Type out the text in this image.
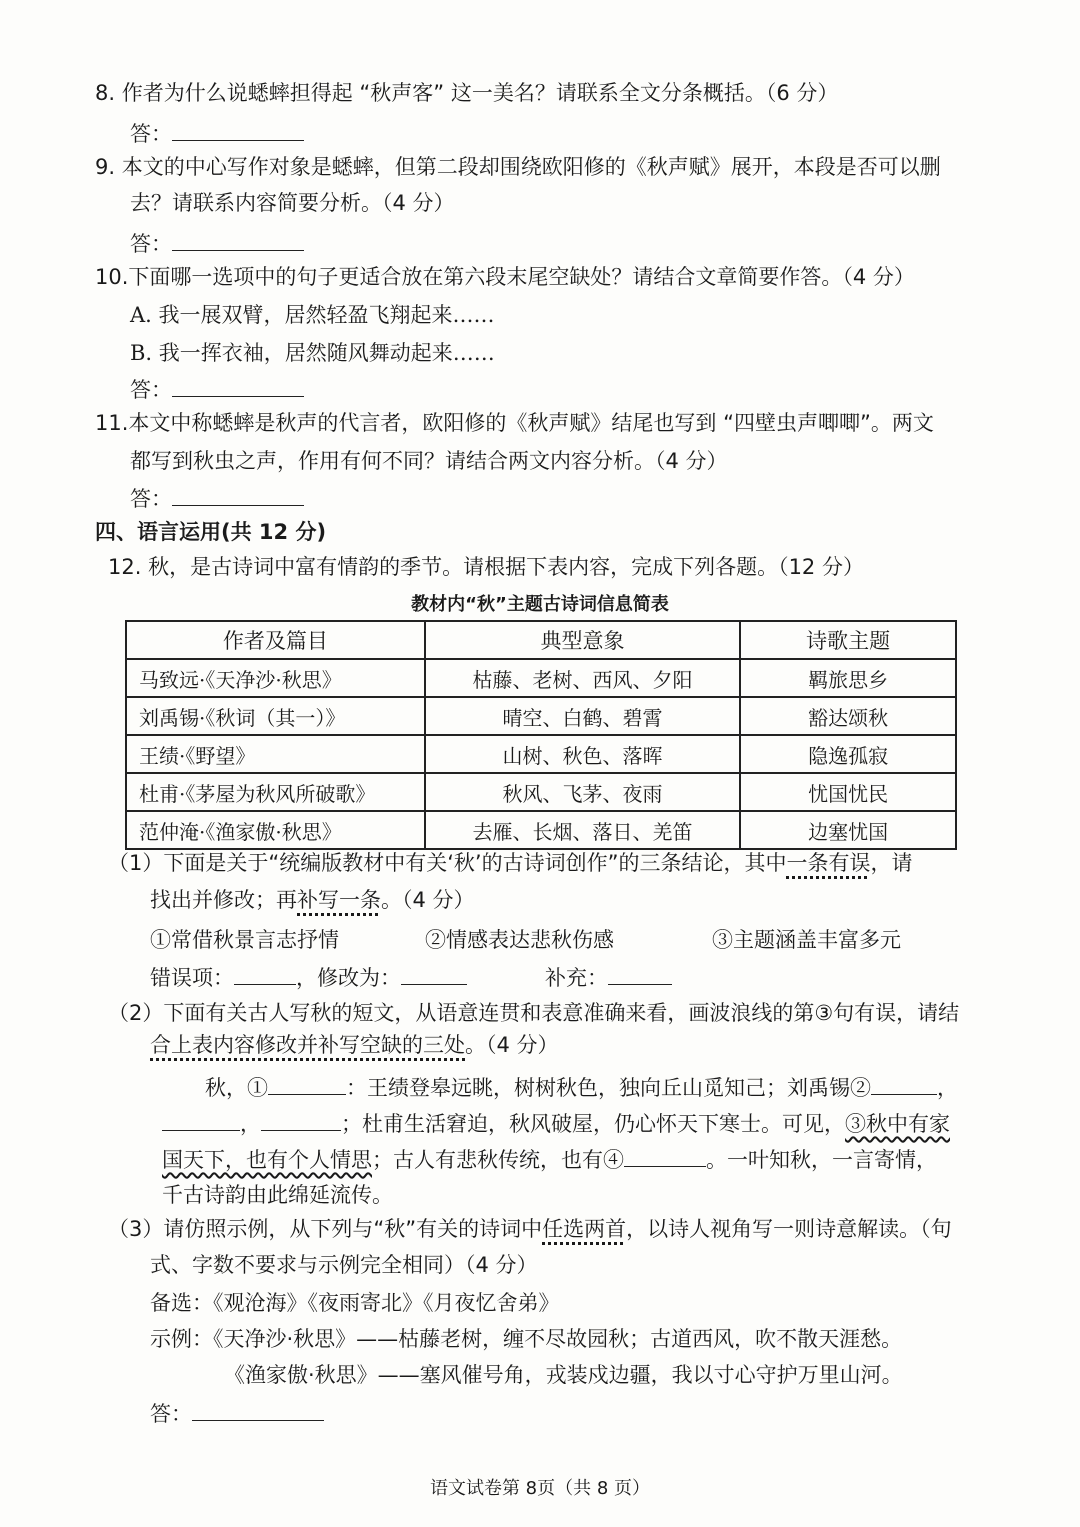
8. 作者为什么说蟋蟀担得起 “秋声客” 这一美名？请联系全文分条概括。（6 分）
答：
9. 本文的中心写作对象是蟋蟀，但第二段却围绕欧阳修的《秋声赋》展开，本段是否可以删
去？请联系内容简要分析。（4 分）
答：
10.下面哪一选项中的句子更适合放在第六段末尾空缺处？请结合文章简要作答。（4 分）
A. 我一展双臂，居然轻盈飞翔起来……
B. 我一挥衣袖，居然随风舞动起来……
答：
11.本文中称蟋蟀是秋声的代言者，欧阳修的《秋声赋》结尾也写到 “四壁虫声唧唧”。两文
都写到秋虫之声，作用有何不同？请结合两文内容分析。（4 分）
答：
四、语言运用(共 12 分)
12. 秋，是古诗词中富有情韵的季节。请根据下表内容，完成下列各题。（12 分）
教材内“秋”主题古诗词信息简表
作者及篇目	典型意象	诗歌主题
马致远·《天净沙·秋思》	枯藤、老树、西风、夕阳	羁旅思乡
刘禹锡·《秋词（其一）》	晴空、白鹤、碧霄	豁达颂秋
王绩·《野望》	山树、秋色、落晖	隐逸孤寂
杜甫·《茅屋为秋风所破歌》	秋风、飞茅、夜雨	忧国忧民
范仲淹·《渔家傲·秋思》	去雁、长烟、落日、羌笛	边塞忧国
（1）下面是关于“统编版教材中有关‘秋’的古诗词创作”的三条结论，其中一条有误，请
找出并修改；再补写一条。（4 分）
①常借秋景言志抒情	②情感表达悲秋伤感	③主题涵盖丰富多元
错误项：	，修改为：	补充：
（2）下面有关古人写秋的短文，从语意连贯和表意准确来看，画波浪线的第③句有误，请结
合上表内容修改并补写空缺的三处。（4 分）
秋，①	：王绩登皋远眺，树树秋色，独向丘山觅知己；刘禹锡②	，
，	；杜甫生活窘迫，秋风破屋，仍心怀天下寒士。可见，③秋中有家
国天下，也有个人情思；古人有悲秋传统，也有④	。一叶知秋，一言寄情，
千古诗韵由此绵延流传。
（3）请仿照示例，从下列与“秋”有关的诗词中任选两首，以诗人视角写一则诗意解读。（句
式、字数不要求与示例完全相同）（4 分）
备选：《观沧海》《夜雨寄北》《月夜忆舍弟》
示例：《天净沙·秋思》——枯藤老树，缠不尽故园秋；古道西风，吹不散天涯愁。
《渔家傲·秋思》——塞风催号角，戎装戍边疆，我以寸心守护万里山河。
答：
语文试卷第 8页（共 8 页）
